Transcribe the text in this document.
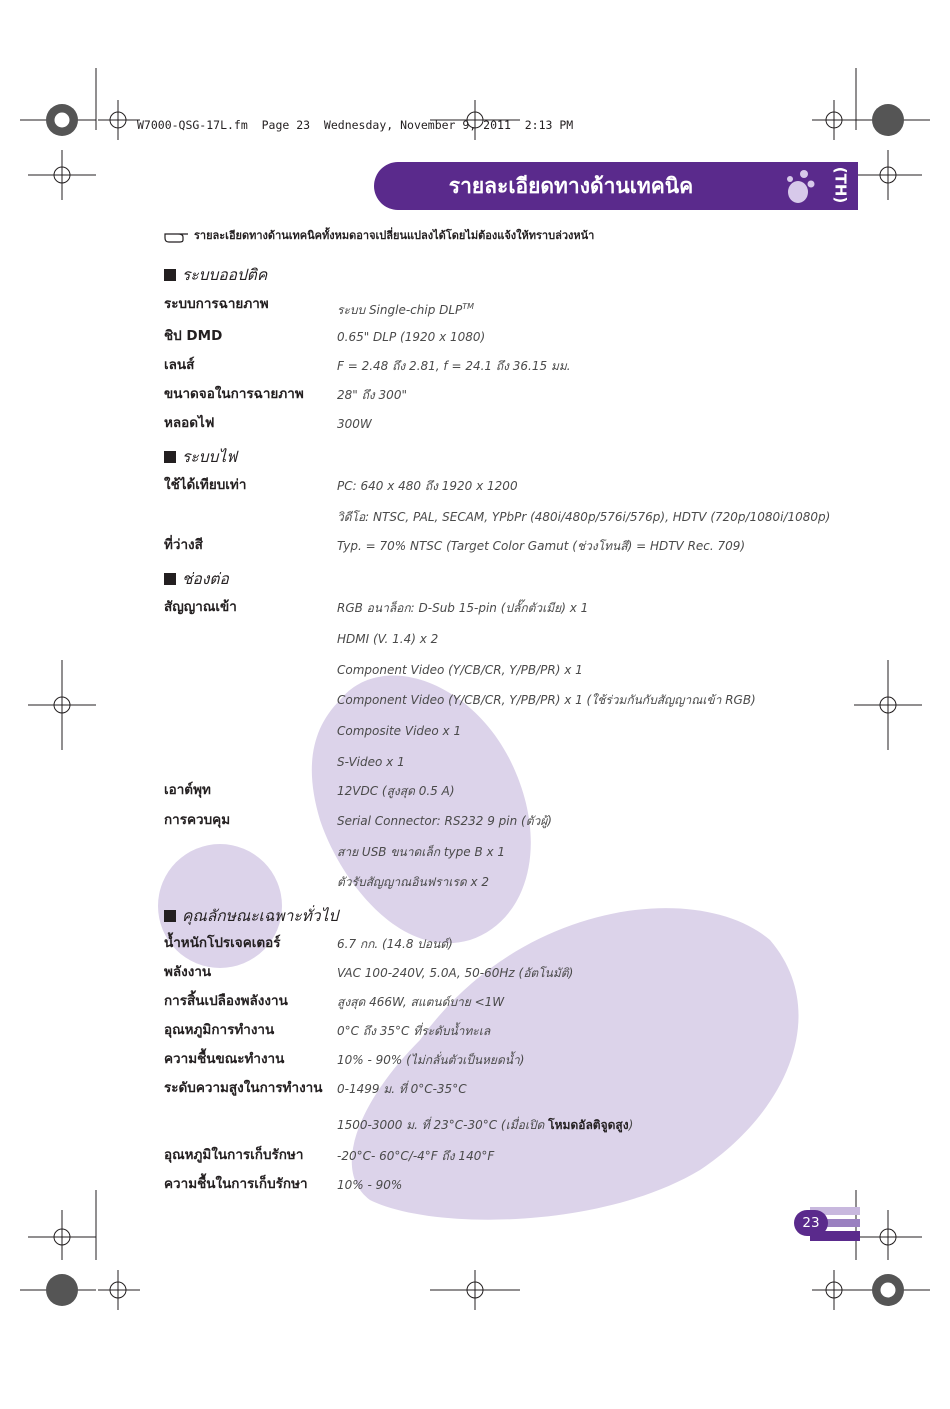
W7000-QSG-17L.fm  Page 23  Wednesday, November 9, 2011  2:13 PM
รายละเอียดทางด้านเทคนิค	(TH)
รายละเอียดทางด้านเทคนิคทั้งหมดอาจเปลี่ยนแปลงได้โดยไม่ต้องแจ้งให้ทราบล่วงหน้า
ระบบออปติค
ระบบการฉายภาพ	ระบบ Single-chip DLP™
ชิป DMD	0.65" DLP (1920 x 1080)
เลนส์	F = 2.48 ถึง 2.81, f = 24.1 ถึง 36.15 มม.
ขนาดจอในการฉายภาพ	28" ถึง 300"
หลอดไฟ	300W
ระบบไฟ
ใช้ได้เทียบเท่า	PC: 640 x 480 ถึง 1920 x 1200
วิดีโอ: NTSC, PAL, SECAM, YPbPr (480i/480p/576i/576p), HDTV (720p/1080i/1080p)
ที่ว่างสี	Typ. = 70% NTSC (Target Color Gamut (ช่วงโทนสี) = HDTV Rec. 709)
ช่องต่อ
สัญญาณเข้า	RGB อนาล็อก: D-Sub 15-pin (ปลั๊กตัวเมีย) x 1
HDMI (V. 1.4) x 2
Component Video (Y/CB/CR, Y/PB/PR) x 1
Component Video (Y/CB/CR, Y/PB/PR) x 1 (ใช้ร่วมกันกับสัญญาณเข้า RGB)
Composite Video x 1
S-Video x 1
เอาต์พุท	12VDC (สูงสุด 0.5 A)
การควบคุม	Serial Connector: RS232 9 pin (ตัวผู้)
สาย USB ขนาดเล็ก type B x 1
ตัวรับสัญญาณอินฟราเรด x 2
คุณลักษณะเฉพาะทั่วไป
น้ำหนักโปรเจคเตอร์	6.7 กก. (14.8 ปอนด์)
พลังงาน	VAC 100-240V, 5.0A, 50-60Hz (อัตโนมัติ)
การสิ้นเปลืองพลังงาน	สูงสุด 466W, สแตนด์บาย <1W
อุณหภูมิการทำงาน	0°C ถึง 35°C ที่ระดับน้ำทะเล
ความชื้นขณะทำงาน	10% - 90% (ไม่กลั่นตัวเป็นหยดน้ำ)
ระดับความสูงในการทำงาน 0-1499 ม. ที่ 0°C-35°C
1500-3000 ม. ที่ 23°C-30°C (เมื่อเปิด โหมดอัลติจูดสูง)
อุณหภูมิในการเก็บรักษา	-20°C- 60°C/-4°F ถึง 140°F
ความชื้นในการเก็บรักษา	10% - 90%
23
